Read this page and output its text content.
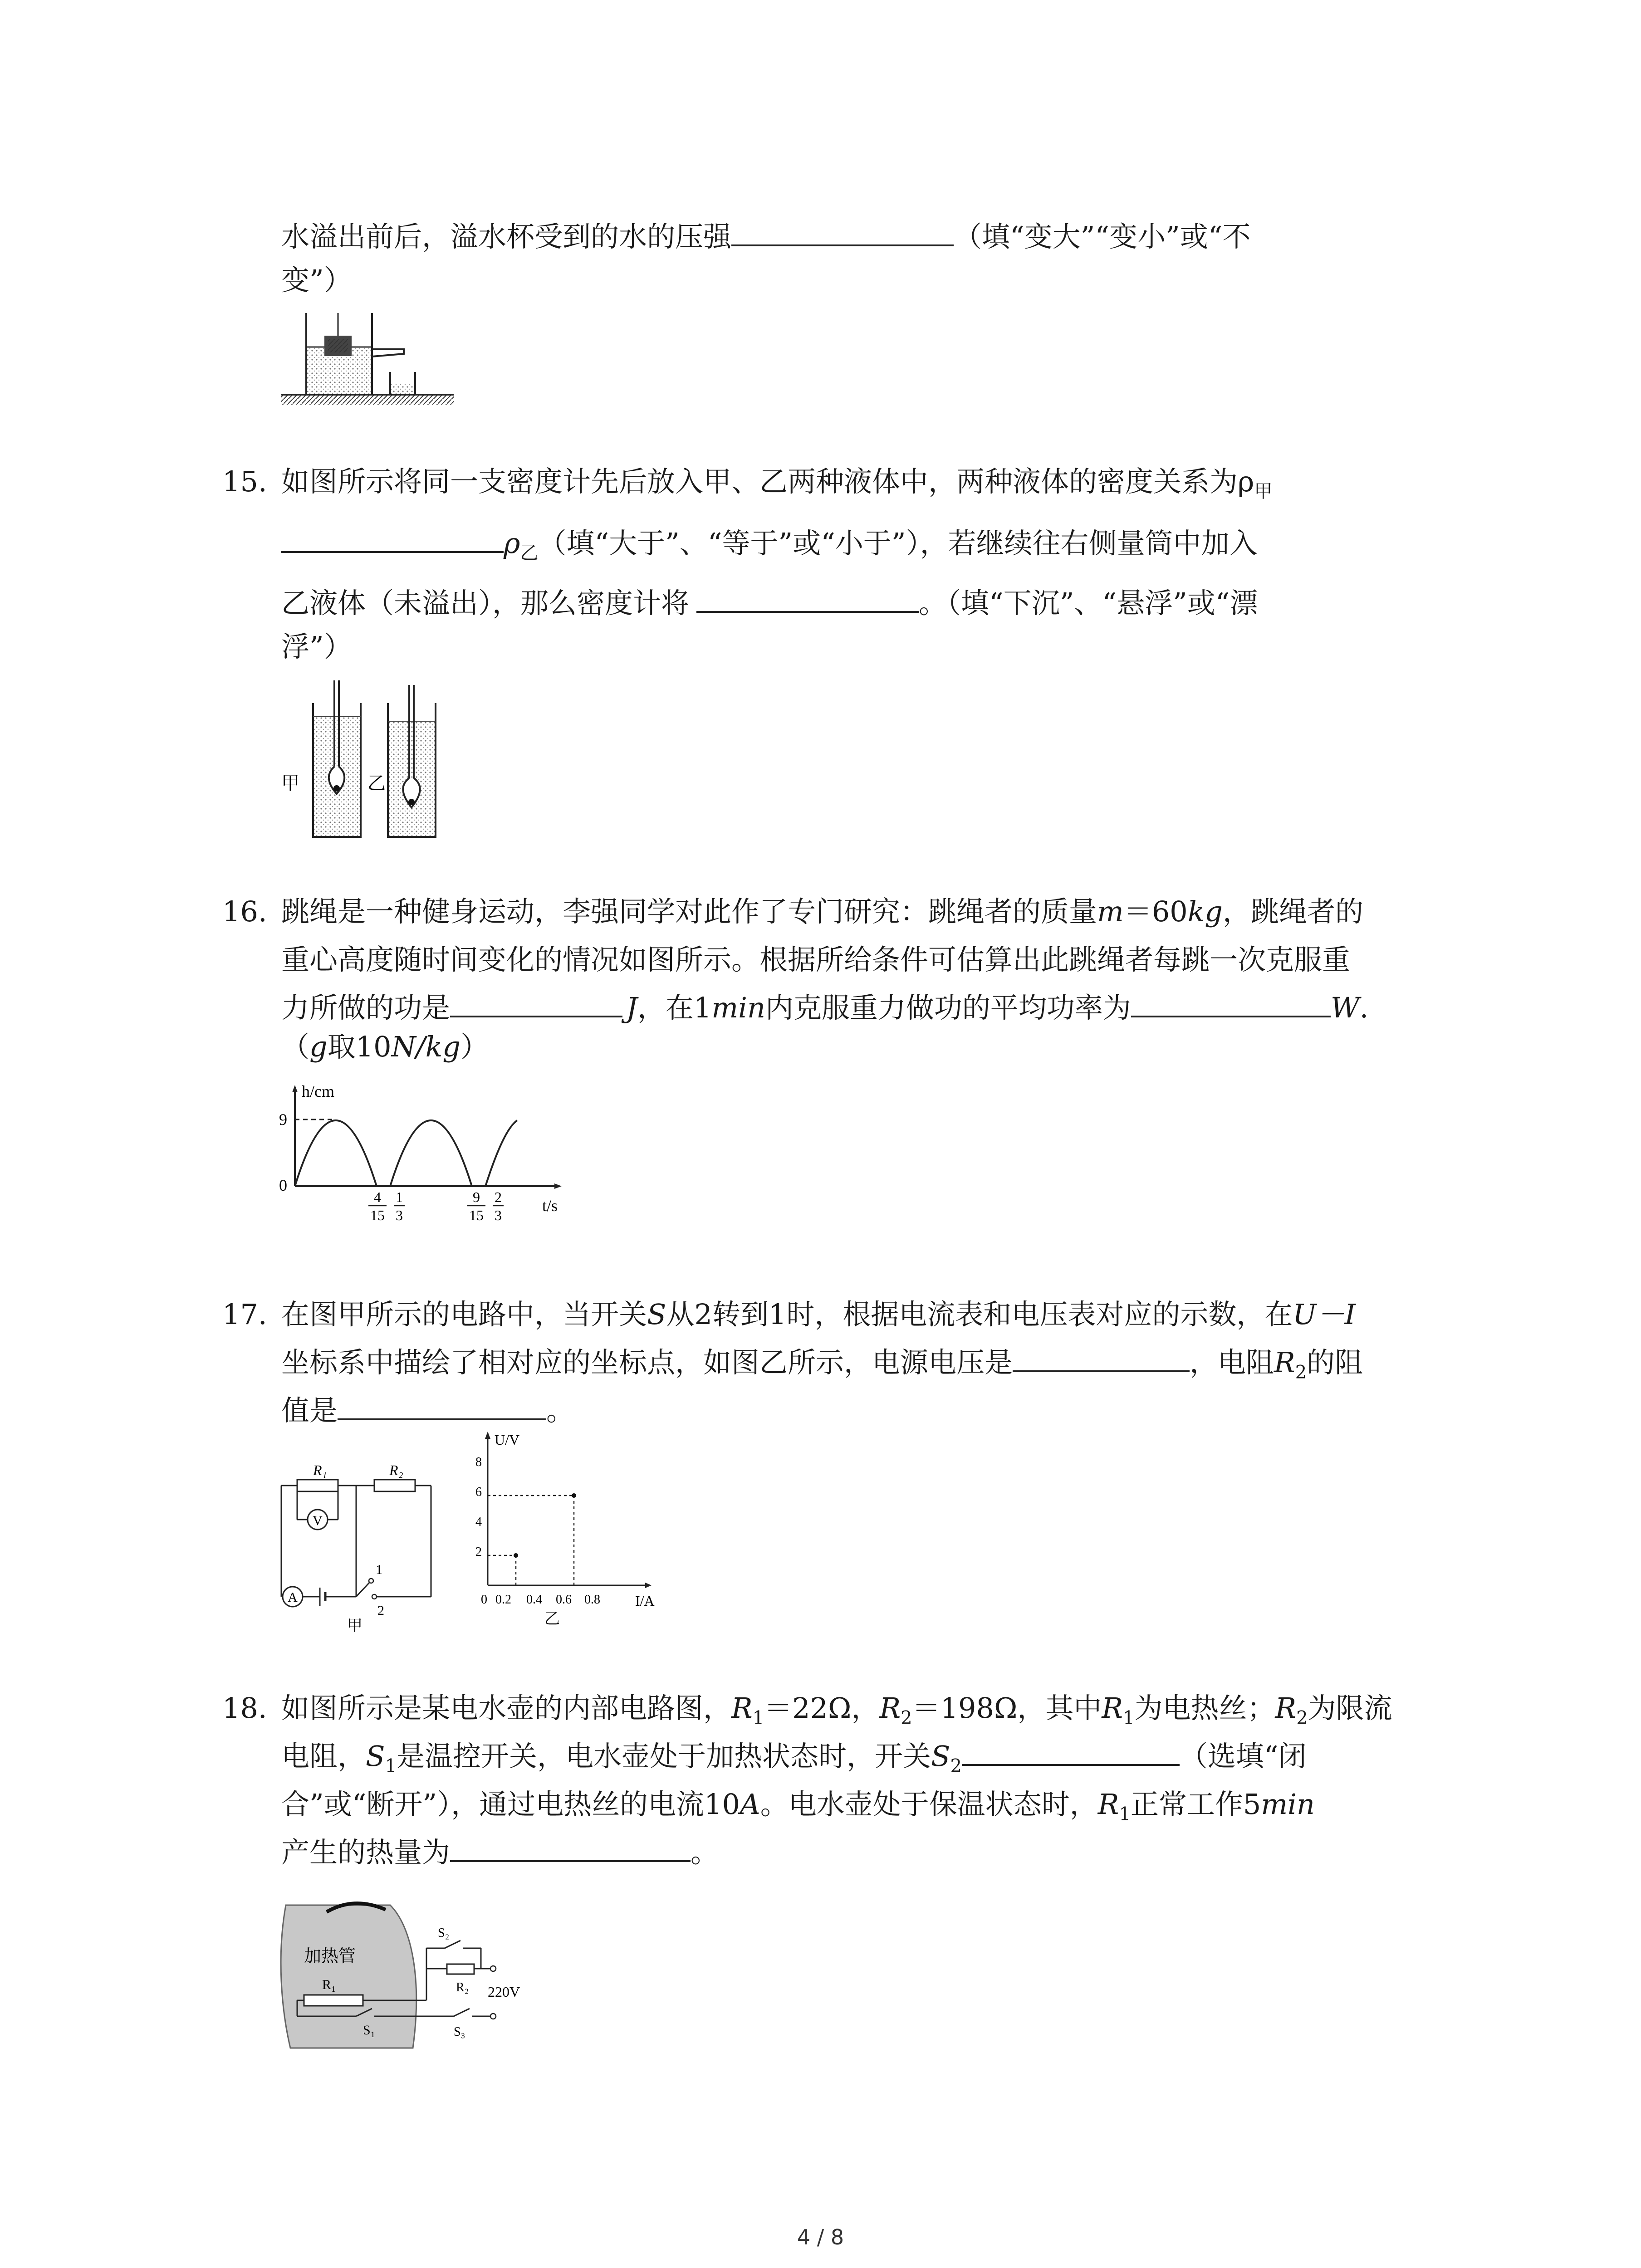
水溢出前后，溢水杯受到的水的压强	（填“变大”“变小”或“不
变”）
15. 如图所示将同一支密度计先后放入甲、乙两种液体中，两种液体的密度关系为$\rho_甲$
$\rho_乙$（填“大于”、“等于”或“小于”），若继续往右侧量筒中加入
乙液体（未溢出），那么密度计将	。（填“下沉”、“悬浮”或“漂
浮”）
甲	乙
16. 跳绳是一种健身运动，李强同学对此作了专门研究：跳绳者的质量m＝60kg，跳绳者的
重心高度随时间变化的情况如图所示。根据所给条件可估算出此跳绳者每跳一次克服重
力所做的功是	J，在1min内克服重力做功的平均功率为	W.
（g取10N/kg）
h/cm
t/s
9
0
4
15
1
3
9
15
2
3
17. 在图甲所示的电路中，当开关S从2转到1时，根据电流表和电压表对应的示数，在U－I
坐标系中描绘了相对应的坐标点，如图乙所示，电源电压是	，电阻$R_2$的阻
值是	。
R₁	R₂
V
1
2
A
甲
U/V
I/A
8
6
4
2
0 0.2 0.4 0.6 0.8
乙
18. 如图所示是某电水壶的内部电路图，$R_1=22\Omega$，$R_2=198\Omega$，其中$R_1$为电热丝；$R_2$为限流
电阻，$S_1$是温控开关，电水壶处于加热状态时，开关$S_2$	（选填“闭
合”或“断开”），通过电热丝的电流10A。电水壶处于保温状态时，$R_1$正常工作5min
产生的热量为	。
加热管
R₁
S₁
R₂
S₂
S₃
220V
4 / 8
